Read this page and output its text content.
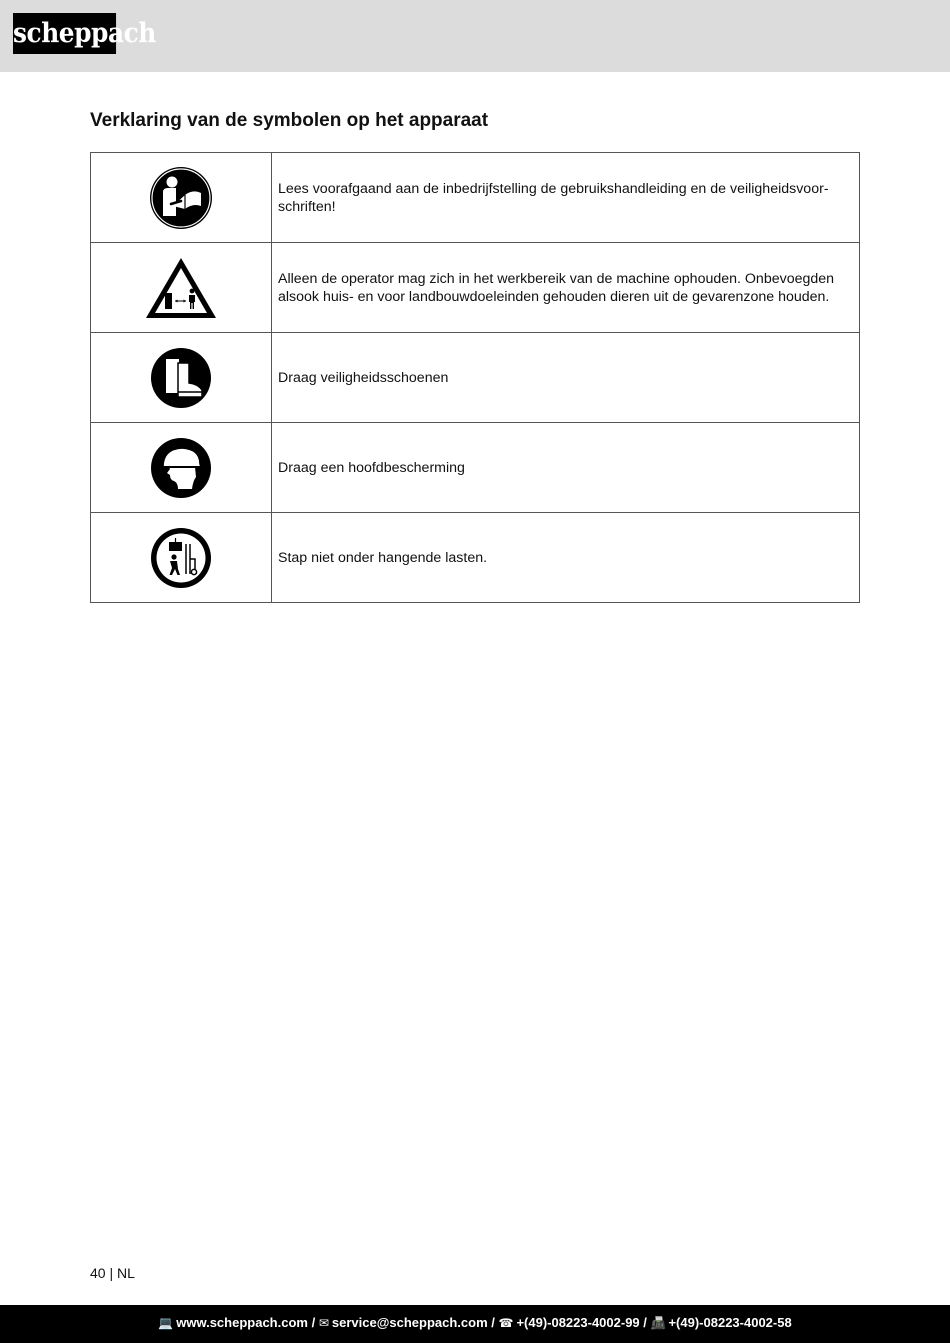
scheppach
Verklaring van de symbolen op het apparaat
	Lees voorafgaand aan de inbedrijfstelling de gebruikshandleiding en de veiligheidsvoor-schriften!

	Alleen de operator mag zich in het werkbereik van de machine ophouden. Onbevoegden alsook huis- en voor landbouwdoeleinden gehouden dieren uit de gevarenzone houden.

	Draag veiligheidsschoenen

	Draag een hoofdbescherming

	Stap niet onder hangende lasten.
40 | NL
💻 www.scheppach.com / ✉ service@scheppach.com / ☎ +(49)-08223-4002-99 / 📠 +(49)-08223-4002-58
